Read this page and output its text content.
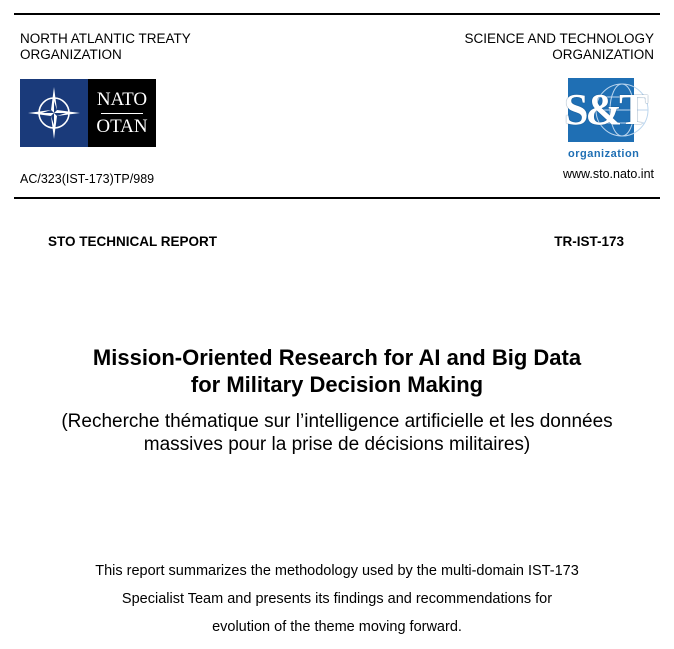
NORTH ATLANTIC TREATY
ORGANIZATION
SCIENCE AND TECHNOLOGY
ORGANIZATION
NATO
OTAN	S&T
organization
AC/323(IST-173)TP/989	www.sto.nato.int
STO TECHNICAL REPORT	TR-IST-173
Mission-Oriented Research for AI and Big Data
for Military Decision Making
(Recherche thématique sur l’intelligence artificielle et les données
massives pour la prise de décisions militaires)
This report summarizes the methodology used by the multi-domain IST-173
Specialist Team and presents its findings and recommendations for
evolution of the theme moving forward.
